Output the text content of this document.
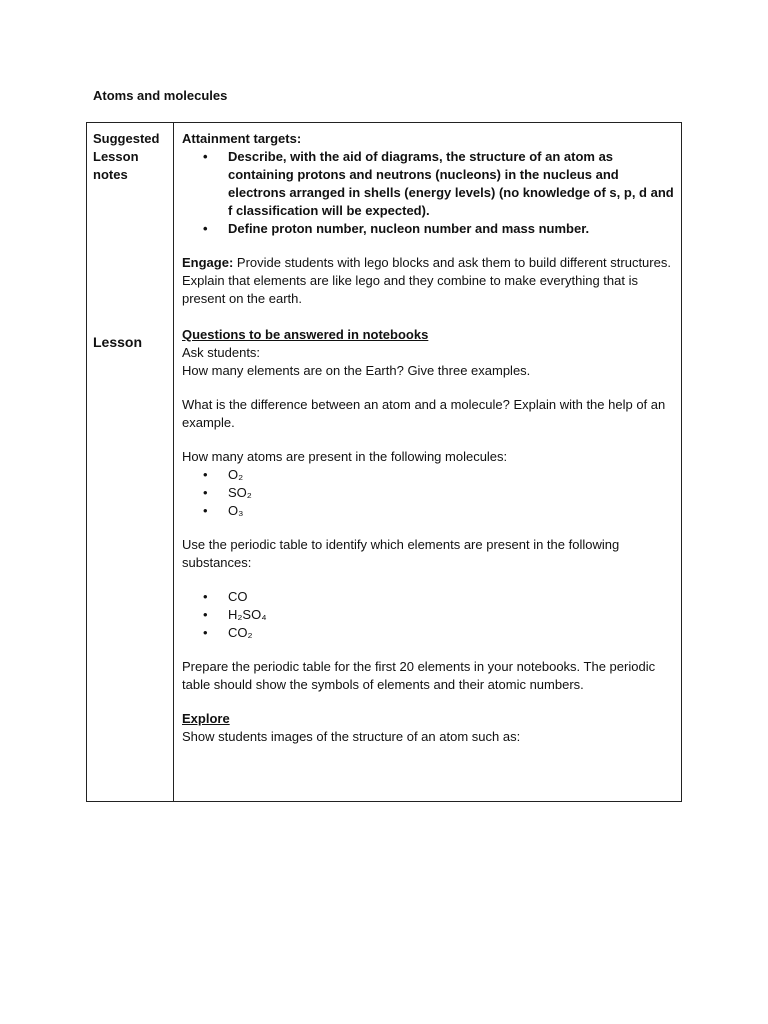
Atoms and molecules
Suggested
Lesson
notes
Lesson

Attainment targets:

• Describe, with the aid of diagrams, the structure of an atom as containing protons and neutrons (nucleons) in the nucleus and electrons arranged in shells (energy levels) (no knowledge of s, p, d and f classification will be expected).
• Define proton number, nucleon number and mass number.

Engage: Provide students with lego blocks and ask them to build different structures.

Explain that elements are like lego and they combine to make everything that is present on the earth.

Questions to be answered in notebooks

Ask students:

How many elements are on the Earth? Give three examples.

What is the difference between an atom and a molecule? Explain with the help of an example.

How many atoms are present in the following molecules:

• O₂
• SO₂
• O₃

Use the periodic table to identify which elements are present in the following substances:

• CO
• H₂SO₄
• CO₂

Prepare the periodic table for the first 20 elements in your notebooks. The periodic table should show the symbols of elements and their atomic numbers.

Explore

Show students images of the structure of an atom such as:
